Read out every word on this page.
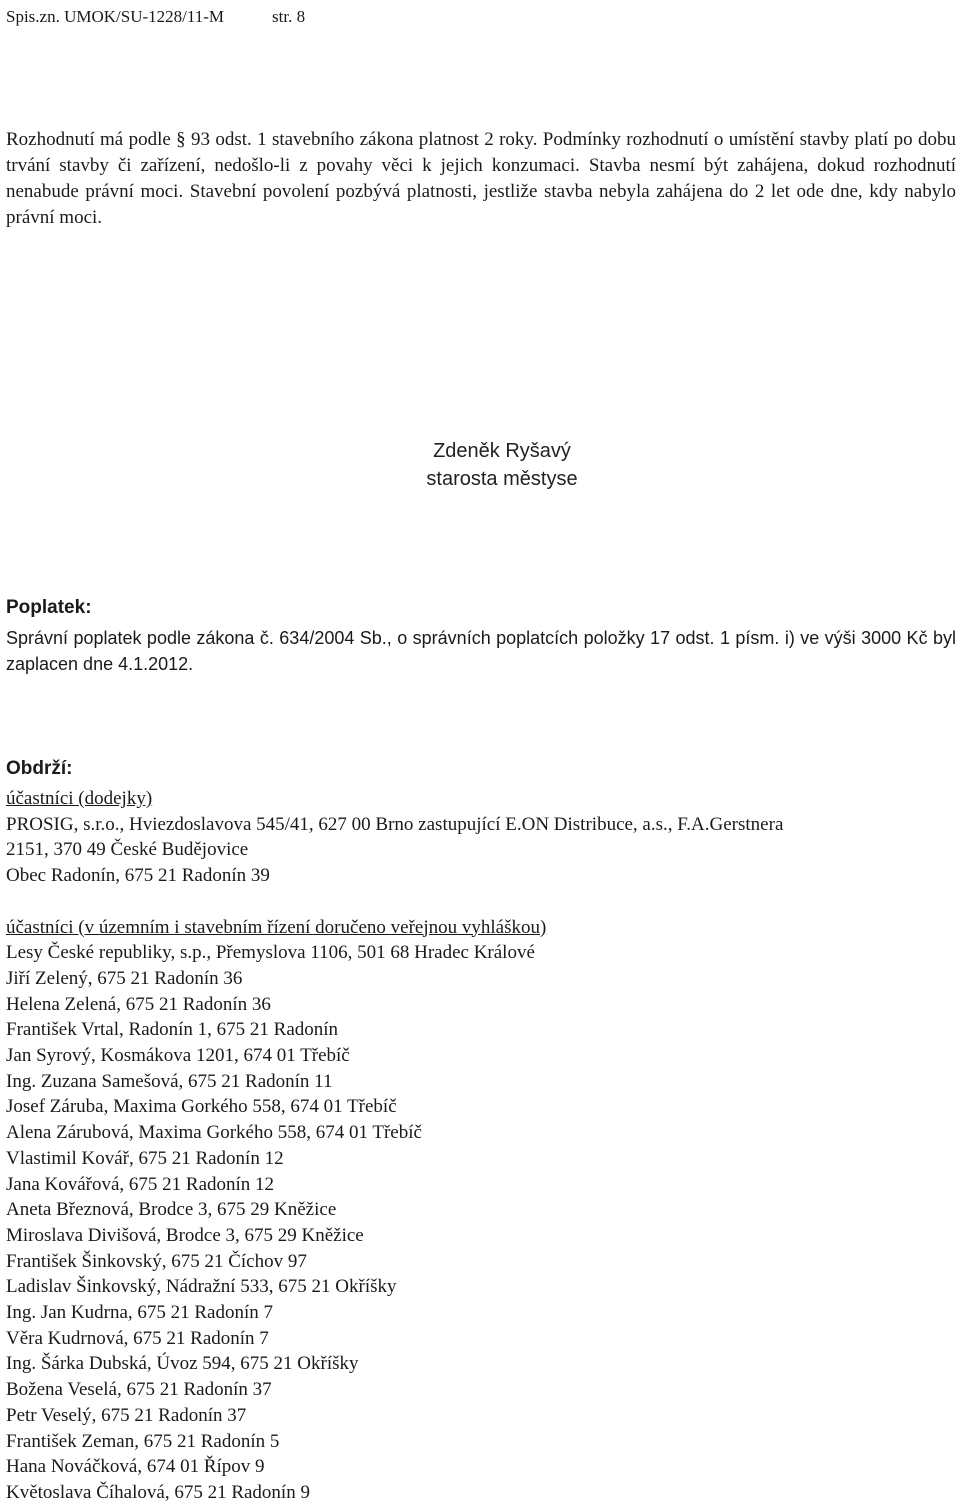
Spis.zn. UMOK/SU-1228/11-M	str. 8
Rozhodnutí má podle § 93 odst. 1 stavebního zákona platnost 2 roky. Podmínky rozhodnutí o umístění stavby platí po dobu trvání stavby či zařízení, nedošlo-li z povahy věci k jejich konzumaci. Stavba nesmí být zahájena, dokud rozhodnutí nenabude právní moci. Stavební povolení pozbývá platnosti, jestliže stavba nebyla zahájena do 2 let ode dne, kdy nabylo právní moci.
Zdeněk Ryšavý
starosta městyse
Poplatek:
Správní poplatek podle zákona č. 634/2004 Sb., o správních poplatcích položky 17 odst. 1 písm. i) ve výši 3000 Kč byl zaplacen dne 4.1.2012.
Obdrží:
účastníci (dodejky)
PROSIG, s.r.o., Hviezdoslavova 545/41, 627 00 Brno zastupující E.ON Distribuce, a.s., F.A.Gerstnera
2151, 370 49 České Budějovice
Obec Radonín, 675 21 Radonín 39
účastníci (v územním i stavebním řízení doručeno veřejnou vyhláškou)
Lesy České republiky, s.p., Přemyslova 1106, 501 68 Hradec Králové
Jiří Zelený, 675 21 Radonín 36
Helena Zelená, 675 21 Radonín 36
František Vrtal, Radonín 1, 675 21 Radonín
Jan Syrový, Kosmákova 1201, 674 01 Třebíč
Ing. Zuzana Samešová, 675 21 Radonín 11
Josef Záruba, Maxima Gorkého 558, 674 01 Třebíč
Alena Zárubová, Maxima Gorkého 558, 674 01 Třebíč
Vlastimil Kovář, 675 21 Radonín 12
Jana Kovářová, 675 21 Radonín 12
Aneta Březnová, Brodce 3, 675 29 Kněžice
Miroslava Divišová, Brodce 3, 675 29 Kněžice
František Šinkovský, 675 21 Číchov 97
Ladislav Šinkovský, Nádražní 533, 675 21 Okříšky
Ing. Jan Kudrna, 675 21 Radonín 7
Věra Kudrnová, 675 21 Radonín 7
Ing. Šárka Dubská, Úvoz 594, 675 21 Okříšky
Božena Veselá, 675 21 Radonín 37
Petr Veselý, 675 21 Radonín 37
František Zeman, 675 21 Radonín 5
Hana Nováčková, 674 01 Řípov 9
Květoslava Číhalová, 675 21 Radonín 9
